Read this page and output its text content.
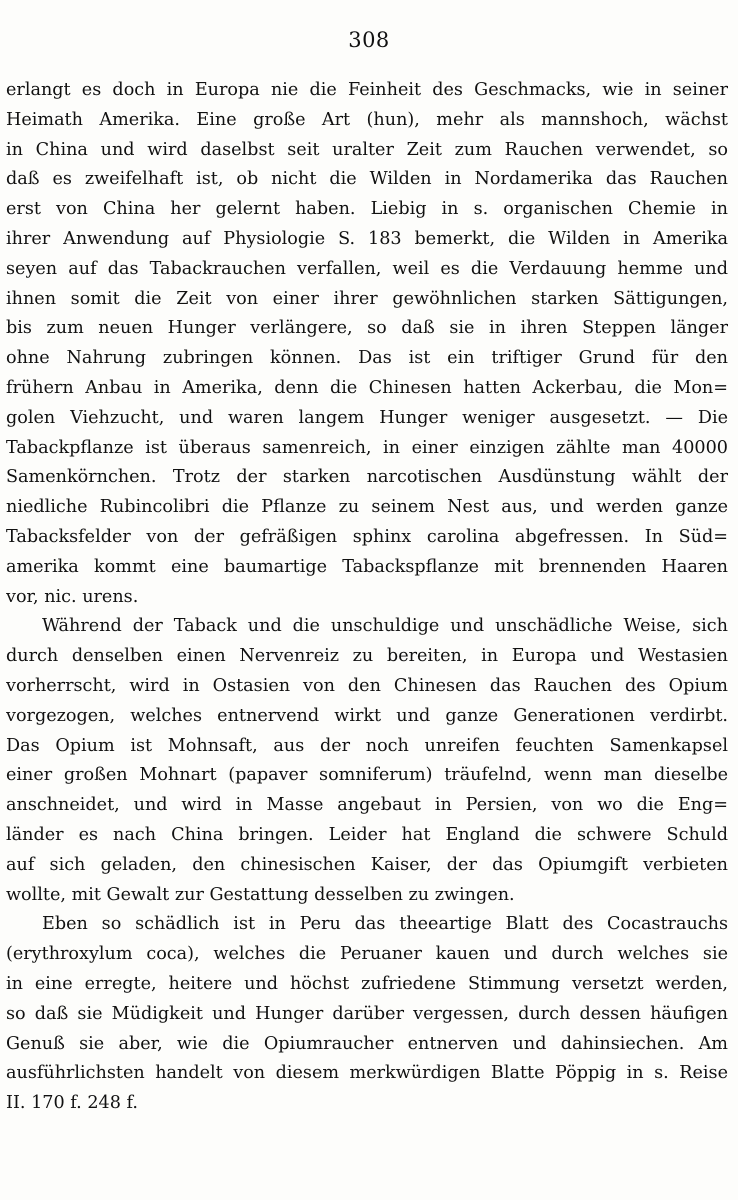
308
erlangt es doch in Europa nie die Feinheit des Geschmacks, wie in seiner
Heimath Amerika. Eine große Art (hun), mehr als mannshoch, wächst
in China und wird daselbst seit uralter Zeit zum Rauchen verwendet, so
daß es zweifelhaft ist, ob nicht die Wilden in Nordamerika das Rauchen
erst von China her gelernt haben. Liebig in s. organischen Chemie in
ihrer Anwendung auf Physiologie S. 183 bemerkt, die Wilden in Amerika
seyen auf das Tabackrauchen verfallen, weil es die Verdauung hemme und
ihnen somit die Zeit von einer ihrer gewöhnlichen starken Sättigungen,
bis zum neuen Hunger verlängere, so daß sie in ihren Steppen länger
ohne Nahrung zubringen können. Das ist ein triftiger Grund für den
frühern Anbau in Amerika, denn die Chinesen hatten Ackerbau, die Mon=
golen Viehzucht, und waren langem Hunger weniger ausgesetzt. — Die
Tabackpflanze ist überaus samenreich, in einer einzigen zählte man 40000
Samenkörnchen. Trotz der starken narcotischen Ausdünstung wählt der
niedliche Rubincolibri die Pflanze zu seinem Nest aus, und werden ganze
Tabacksfelder von der gefräßigen sphinx carolina abgefressen. In Süd=
amerika kommt eine baumartige Tabackspflanze mit brennenden Haaren
vor, nic. urens.
Während der Taback und die unschuldige und unschädliche Weise, sich
durch denselben einen Nervenreiz zu bereiten, in Europa und Westasien
vorherrscht, wird in Ostasien von den Chinesen das Rauchen des Opium
vorgezogen, welches entnervend wirkt und ganze Generationen verdirbt.
Das Opium ist Mohnsaft, aus der noch unreifen feuchten Samenkapsel
einer großen Mohnart (papaver somniferum) träufelnd, wenn man dieselbe
anschneidet, und wird in Masse angebaut in Persien, von wo die Eng=
länder es nach China bringen. Leider hat England die schwere Schuld
auf sich geladen, den chinesischen Kaiser, der das Opiumgift verbieten
wollte, mit Gewalt zur Gestattung desselben zu zwingen.
Eben so schädlich ist in Peru das theeartige Blatt des Cocastrauchs
(erythroxylum coca), welches die Peruaner kauen und durch welches sie
in eine erregte, heitere und höchst zufriedene Stimmung versetzt werden,
so daß sie Müdigkeit und Hunger darüber vergessen, durch dessen häufigen
Genuß sie aber, wie die Opiumraucher entnerven und dahinsiechen. Am
ausführlichsten handelt von diesem merkwürdigen Blatte Pöppig in s. Reise
II. 170 f. 248 f.
